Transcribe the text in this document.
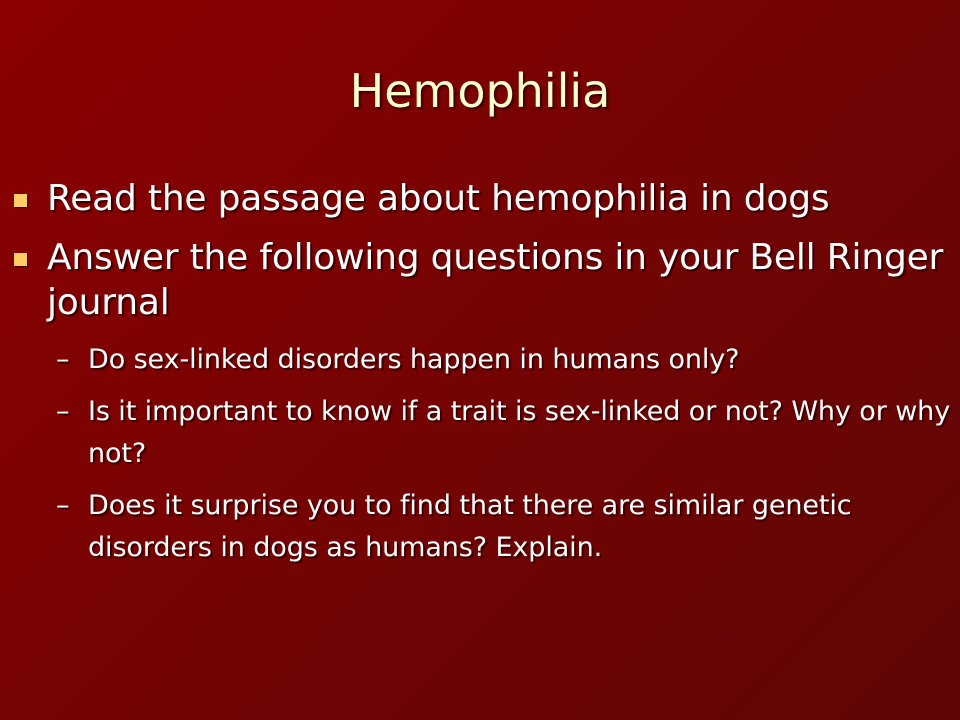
Hemophilia
Read the passage about hemophilia in dogs
Answer the following questions in your Bell Ringer journal
– Do sex-linked disorders happen in humans only?
– Is it important to know if a trait is sex-linked or not? Why or why not?
– Does it surprise you to find that there are similar genetic disorders in dogs as humans? Explain.
